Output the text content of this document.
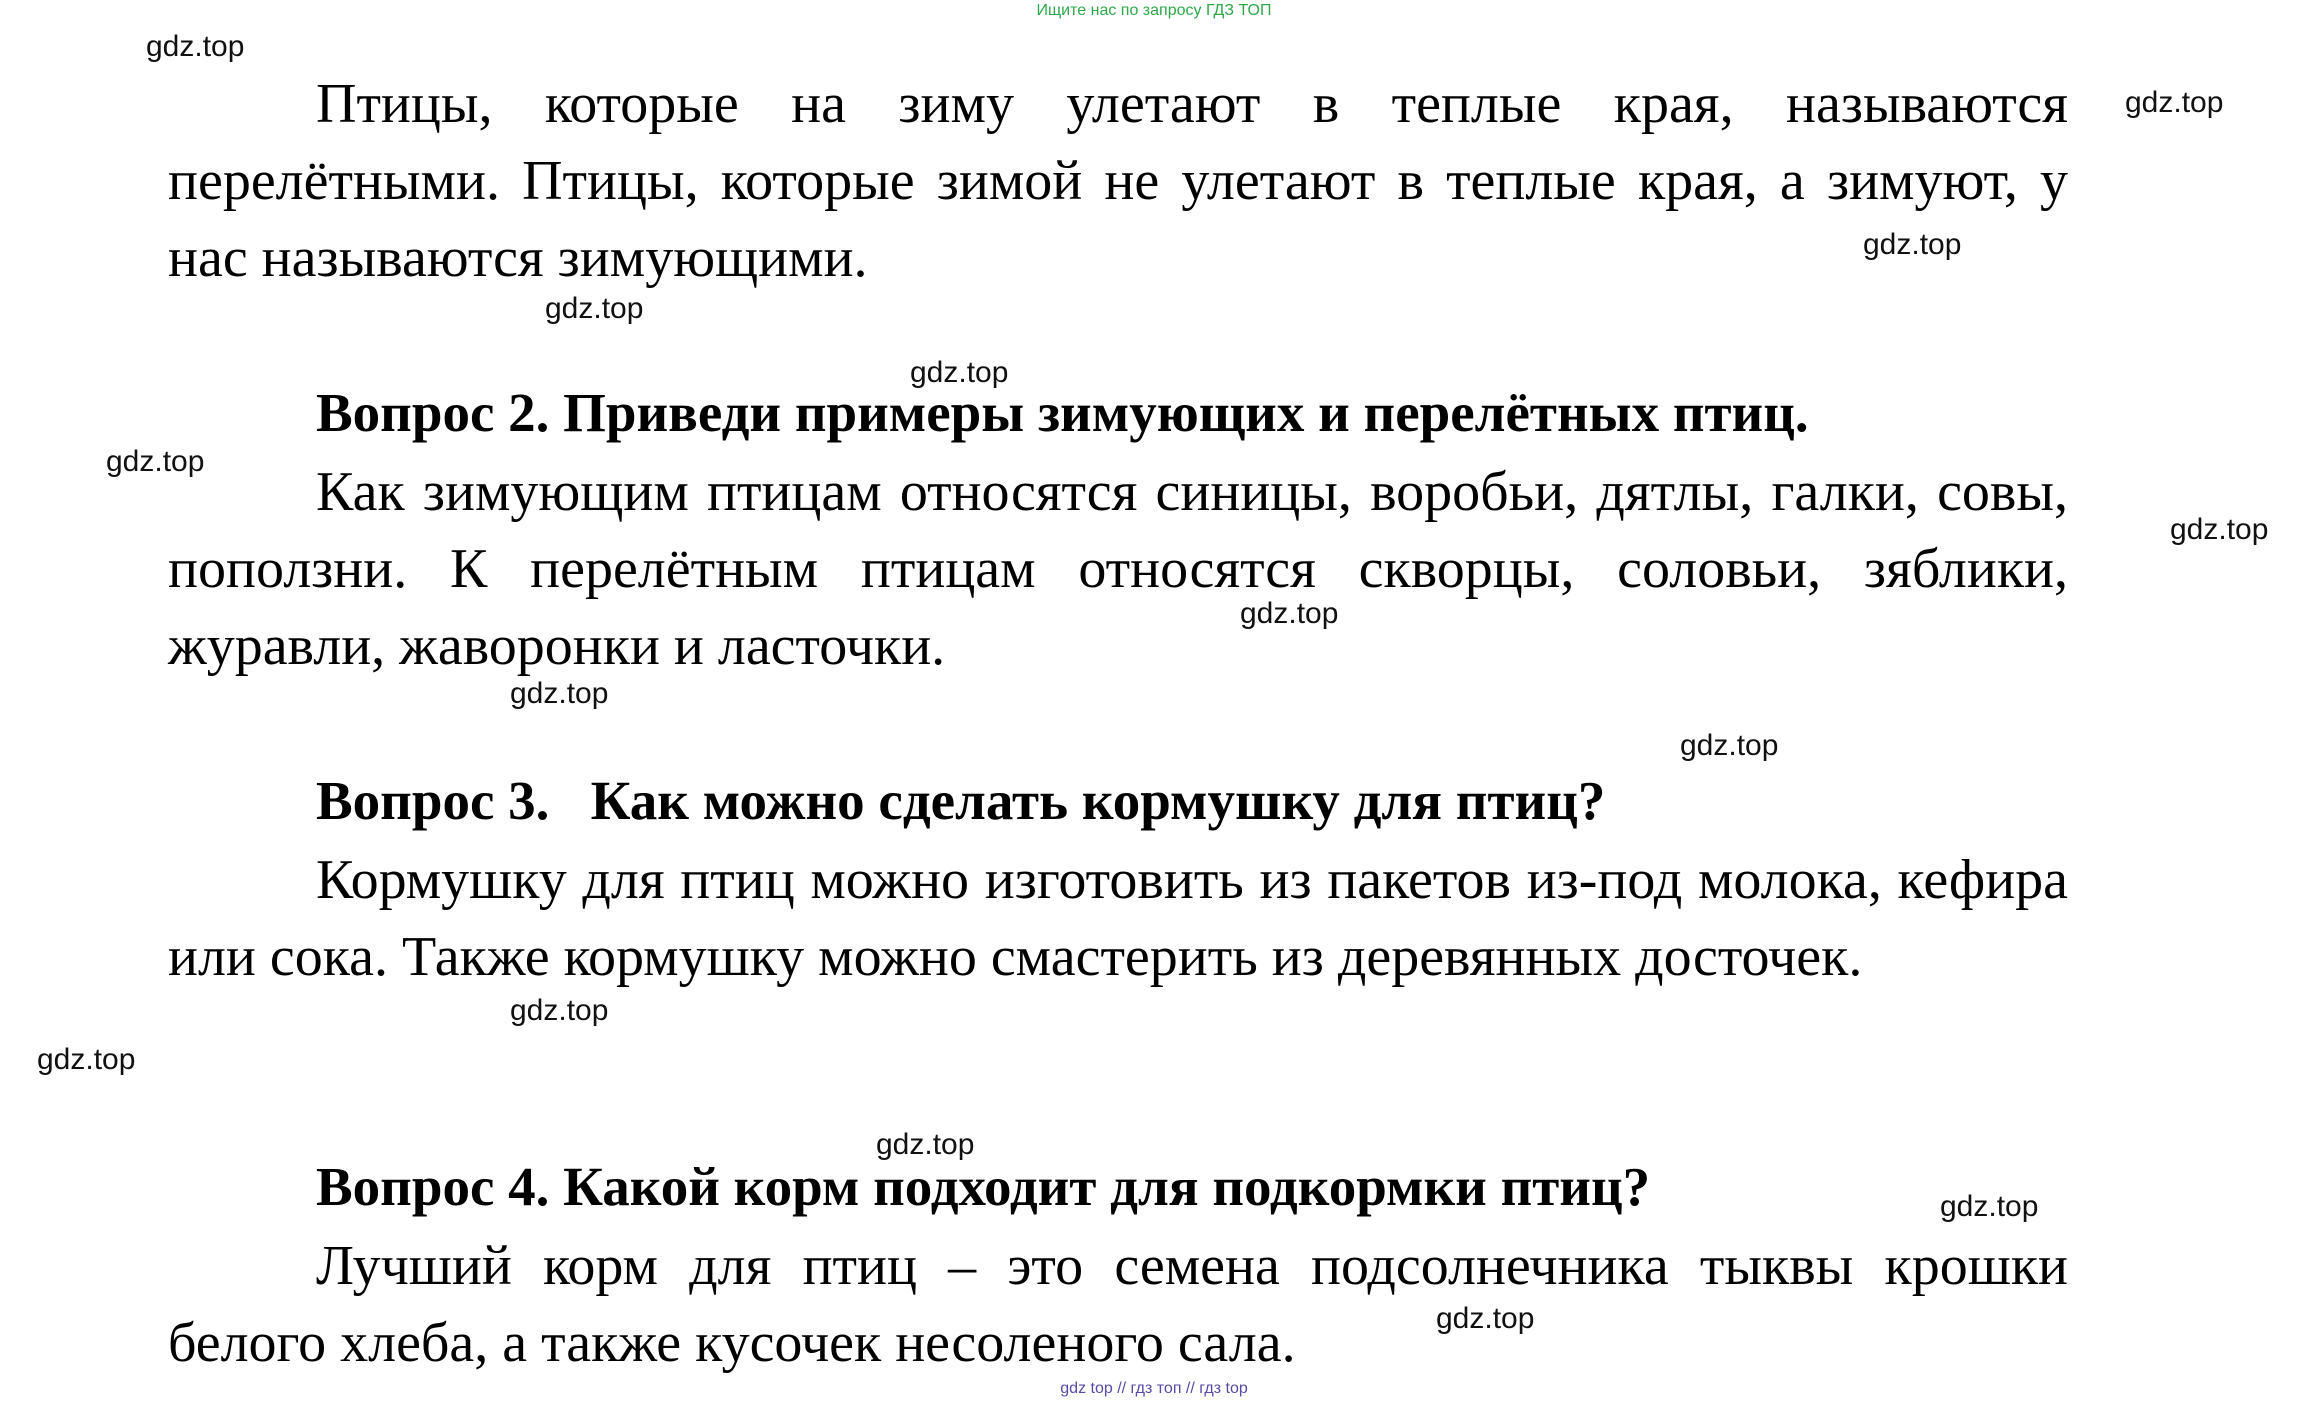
Ищите нас по запросу ГДЗ ТОП

Птицы, которые на зиму улетают в теплые края, называются перелётными. Птицы, которые зимой не улетают в теплые края, а зимуют, у нас называются зимующими.

Вопрос 2. Приведи примеры зимующих и перелётных птиц.

Как зимующим птицам относятся синицы, воробьи, дятлы, галки, совы, поползни. К перелётным птицам относятся скворцы, соловьи, зяблики, журавли, жаворонки и ласточки.

Вопрос 3.   Как можно сделать кормушку для птиц?

Кормушку для птиц можно изготовить из пакетов из-под молока, кефира или сока. Также кормушку можно смастерить из деревянных досточек.

Вопрос 4. Какой корм подходит для подкормки птиц?

Лучший корм для птиц – это семена подсолнечника тыквы крошки белого хлеба, а также кусочек несоленого сала.

gdz.top
gdz.top
gdz.top
gdz.top
gdz.top
gdz.top
gdz.top
gdz.top
gdz.top
gdz.top
gdz.top
gdz.top
gdz.top
gdz.top
gdz.top
gdz top // гдз топ // гдз top
